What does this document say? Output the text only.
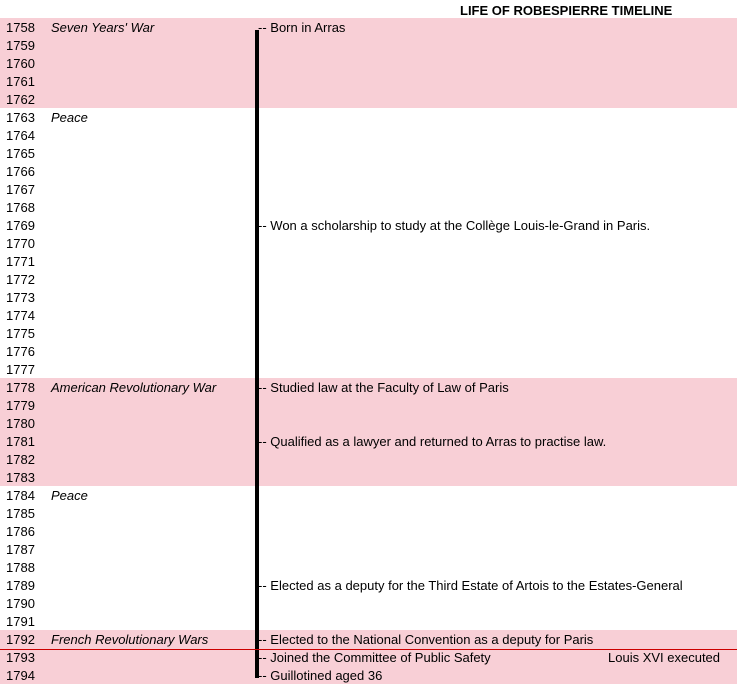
LIFE OF ROBESPIERRE TIMELINE
1758
1759
1760
1761
1762
1763
1764
1765
1766
1767
1768
1769
1770
1771
1772
1773
1774
1775
1776
1777
1778
1779
1780
1781
1782
1783
1784
1785
1786
1787
1788
1789
1790
1791
1792
1793
1794
Seven Years' War
Peace
American Revolutionary War
Peace
French Revolutionary Wars
-- Born in Arras
-- Won a scholarship to study at the Collège Louis-le-Grand in Paris.
-- Studied law at the Faculty of Law of Paris
-- Qualified as a lawyer and returned to Arras to practise law.
-- Elected as a deputy for the Third Estate of Artois to the Estates-General
-- Elected to the National Convention as a deputy for Paris
-- Joined the Committee of Public Safety
-- Guillotined aged 36
Louis XVI executed
